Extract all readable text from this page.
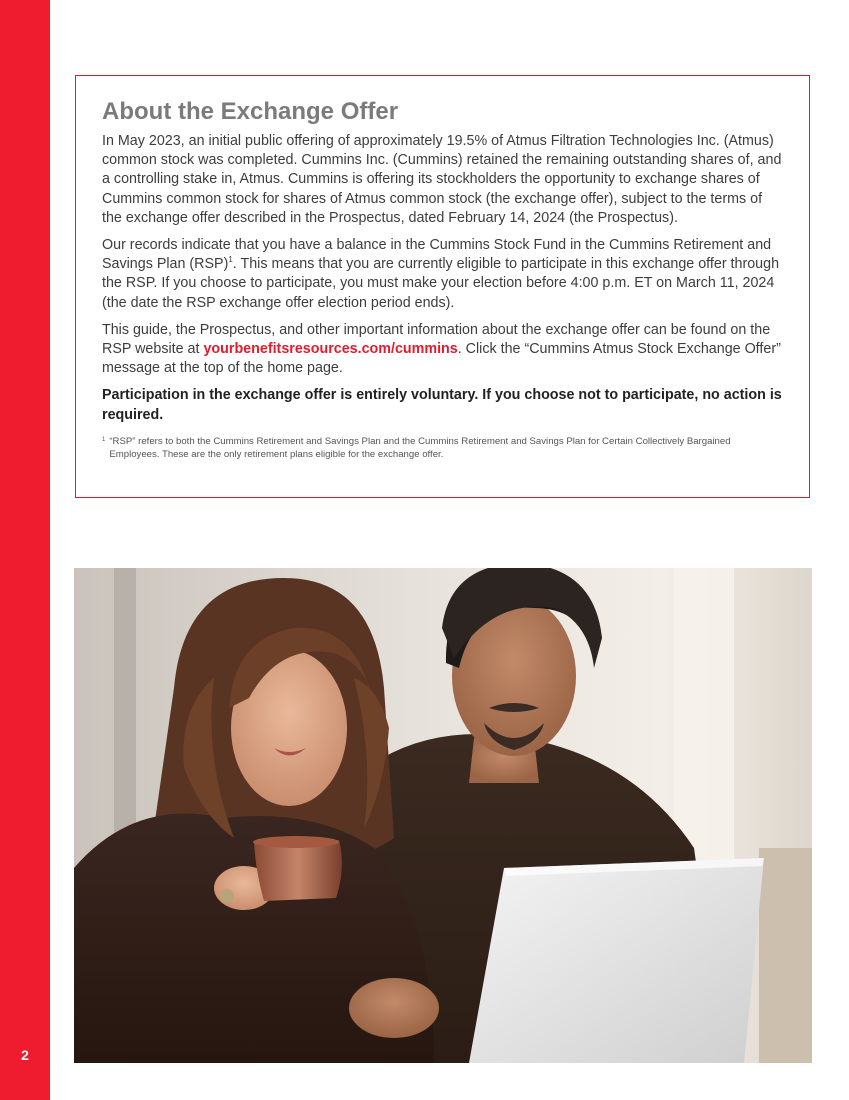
2
About the Exchange Offer

In May 2023, an initial public offering of approximately 19.5% of Atmus Filtration Technologies Inc. (Atmus) common stock was completed. Cummins Inc. (Cummins) retained the remaining outstanding shares of, and a controlling stake in, Atmus. Cummins is offering its stockholders the opportunity to exchange shares of Cummins common stock for shares of Atmus common stock (the exchange offer), subject to the terms of the exchange offer described in the Prospectus, dated February 14, 2024 (the Prospectus).

Our records indicate that you have a balance in the Cummins Stock Fund in the Cummins Retirement and Savings Plan (RSP)$^1$. This means that you are currently eligible to participate in this exchange offer through the RSP. If you choose to participate, you must make your election before 4:00 p.m. ET on March 11, 2024 (the date the RSP exchange offer election period ends).

This guide, the Prospectus, and other important information about the exchange offer can be found on the RSP website at yourbenefitsresources.com/cummins. Click the “Cummins Atmus Stock Exchange Offer” message at the top of the home page.

Participation in the exchange offer is entirely voluntary. If you choose not to participate, no action is required.

1 “RSP” refers to both the Cummins Retirement and Savings Plan and the Cummins Retirement and Savings Plan for Certain Collectively Bargained Employees. These are the only retirement plans eligible for the exchange offer.
